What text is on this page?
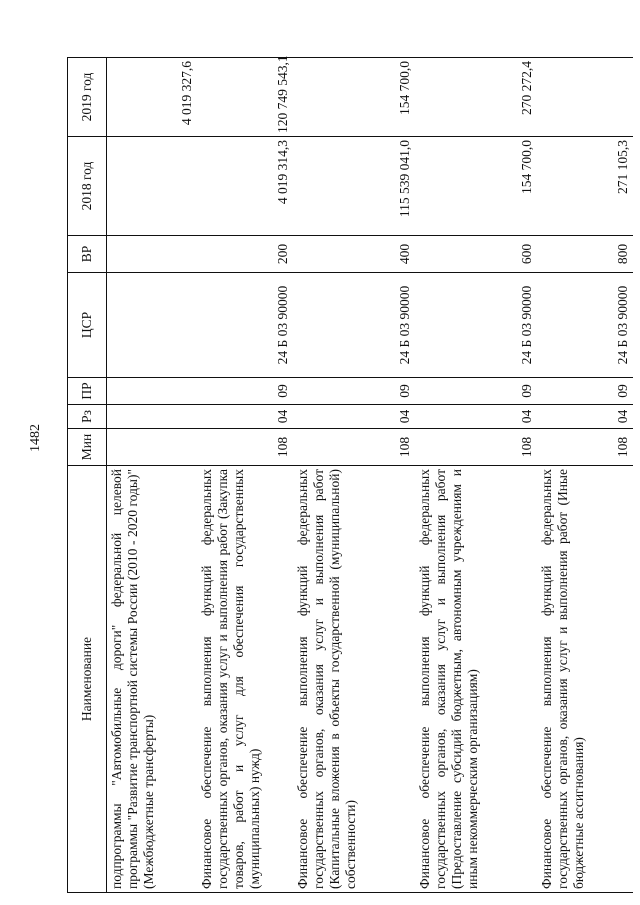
1482
Наименование	Мин	Рз	ПР	ЦСР	ВР	2018 год	2019 год
подпрограммы "Автомобильные дороги" федеральной целевой программы "Развитие транспортной системы России (2010 - 2020 годы)" (Межбюджетные трансферты)							4 019 327,6
Финансовое обеспечение выполнения функций федеральных государственных органов, оказания услуг и выполнения работ (Закупка товаров, работ и услуг для обеспечения государственных (муниципальных) нужд)	108	04	09	24 Б 03 90000	200	4 019 314,3	120 749 543,1
Финансовое обеспечение выполнения функций федеральных государственных органов, оказания услуг и выполнения работ (Капитальные вложения в объекты государственной (муниципальной) собственности)	108	04	09	24 Б 03 90000	400	115 539 041,0	154 700,0
Финансовое обеспечение выполнения функций федеральных государственных органов, оказания услуг и выполнения работ (Предоставление субсидий бюджетным, автономным учреждениям и иным некоммерческим организациям)	108	04	09	24 Б 03 90000	600	154 700,0	270 272,4
Финансовое обеспечение выполнения функций федеральных государственных органов, оказания услуг и выполнения работ (Иные бюджетные ассигнования)	108	04	09	24 Б 03 90000	800	271 105,3	
